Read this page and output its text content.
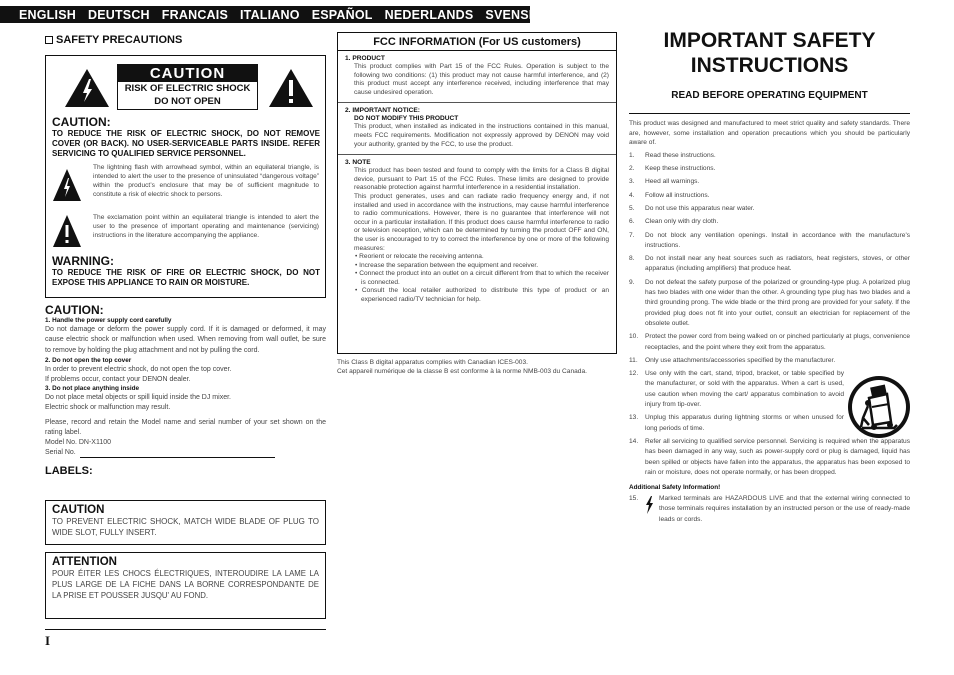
ENGLISH DEUTSCH FRANCAIS ITALIANO ESPAÑOL NEDERLANDS SVENSKA
SAFETY PRECAUTIONS
CAUTION
RISK OF ELECTRIC SHOCK
DO NOT OPEN
CAUTION:
TO REDUCE THE RISK OF ELECTRIC SHOCK, DO NOT REMOVE COVER (OR BACK). NO USER-SERVICEABLE PARTS INSIDE. REFER SERVICING TO QUALIFIED SERVICE PERSONNEL.
The lightning flash with arrowhead symbol, within an equilateral triangle, is intended to alert the user to the presence of uninsulated “dangerous voltage” within the product’s enclosure that may be of sufficient magnitude to constitute a risk of electric shock to persons.
The exclamation point within an equilateral triangle is intended to alert the user to the presence of important operating and maintenance (servicing) instructions in the literature accompanying the appliance.
WARNING:
TO REDUCE THE RISK OF FIRE OR ELECTRIC SHOCK, DO NOT EXPOSE THIS APPLIANCE TO RAIN OR MOISTURE.
CAUTION:
1. Handle the power supply cord carefully
Do not damage or deform the power supply cord. If it is damaged or deformed, it may cause electric shock or malfunction when used. When removing from wall outlet, be sure to remove by holding the plug attachment and not by pulling the cord.
2. Do not open the top cover
In order to prevent electric shock, do not open the top cover.
If problems occur, contact your DENON dealer.
3. Do not place anything inside
Do not place metal objects or spill liquid inside the DJ mixer.
Electric shock or malfunction may result.
Please, record and retain the Model name and serial number of your set shown on the rating label.
Model No. DN-X1100
Serial No.
LABELS:
CAUTION
TO PREVENT ELECTRIC SHOCK, MATCH WIDE BLADE OF PLUG TO WIDE SLOT, FULLY INSERT.
ATTENTION
POUR ÉITER LES CHOCS ÉLECTRIQUES, INTEROUDIRE LA LAME LA PLUS LARGE DE LA FICHE DANS LA BORNE CORRESPONDANTE DE LA PRISE ET POUSSER JUSQU' AU FOND.
I
FCC INFORMATION (For US customers)
1. PRODUCT
This product complies with Part 15 of the FCC Rules. Operation is subject to the following two conditions: (1) this product may not cause harmful interference, and (2) this product must accept any interference received, including interference that may cause undesired operation.
2. IMPORTANT NOTICE:
DO NOT MODIFY THIS PRODUCT
This product, when installed as indicated in the instructions contained in this manual, meets FCC requirements. Modification not expressly approved by DENON may void your authority, granted by the FCC, to use the product.
3. NOTE
This product has been tested and found to comply with the limits for a Class B digital device, pursuant to Part 15 of the FCC Rules. These limits are designed to provide reasonable protection against harmful interference in a residential installation.
This product generates, uses and can radiate radio frequency energy and, if not installed and used in accordance with the instructions, may cause harmful interference to radio communications. However, there is no guarantee that interference will not occur in a particular installation. If this product does cause harmful interference to radio or television reception, which can be determined by turning the product OFF and ON, the user is encouraged to try to correct the interference by one or more of the following measures:
• Reorient or relocate the receiving antenna.
• Increase the separation between the equipment and receiver.
• Connect the product into an outlet on a circuit different from that to which the receiver is connected.
• Consult the local retailer authorized to distribute this type of product or an experienced radio/TV technician for help.
This Class B digital apparatus complies with Canadian ICES-003.
Cet appareil numérique de la classe B est conforme à la norme NMB-003 du Canada.
IMPORTANT SAFETY
INSTRUCTIONS
READ BEFORE OPERATING EQUIPMENT
This product was designed and manufactured to meet strict quality and safety standards. There are, however, some installation and operation precautions which you should be particularly aware of.
1.	Read these instructions.
2.	Keep these instructions.
3.	Heed all warnings.
4.	Follow all instructions.
5.	Do not use this apparatus near water.
6.	Clean only with dry cloth.
7.	Do not block any ventilation openings. Install in accordance with the manufacture's instructions.
8.	Do not install near any heat sources such as radiators, heat registers, stoves, or other apparatus (including amplifiers) that produce heat.
9.	Do not defeat the safety purpose of the polarized or grounding-type plug. A polarized plug has two blades with one wider than the other. A grounding type plug has two blades and a third grounding prong. The wide blade or the third prong are provided for your safety. If the provided plug does not fit into your outlet, consult an electrician for replacement of the obsolete outlet.
10.	Protect the power cord from being walked on or pinched particularly at plugs, convenience receptacles, and the point where they exit from the apparatus.
11.	Only use attachments/accessories specified by the manufacturer.
12.	Use only with the cart, stand, tripod, bracket, or table specified by the manufacturer, or sold with the apparatus. When a cart is used, use caution when moving the cart/ apparatus combination to avoid injury from tip-over.
13.	Unplug this apparatus during lightning storms or when unused for long periods of time.
14.	Refer all servicing to qualified service personnel. Servicing is required when the apparatus has been damaged in any way, such as power-supply cord or plug is damaged, liquid has been spilled or objects have fallen into the apparatus, the apparatus has been exposed to rain or moisture, does not operate normally, or has been dropped.
Additional Safety Information!
15.	Marked terminals are HAZARDOUS LIVE and that the external wiring connected to those terminals requires installation by an instructed person or the use of ready-made leads or cords.
